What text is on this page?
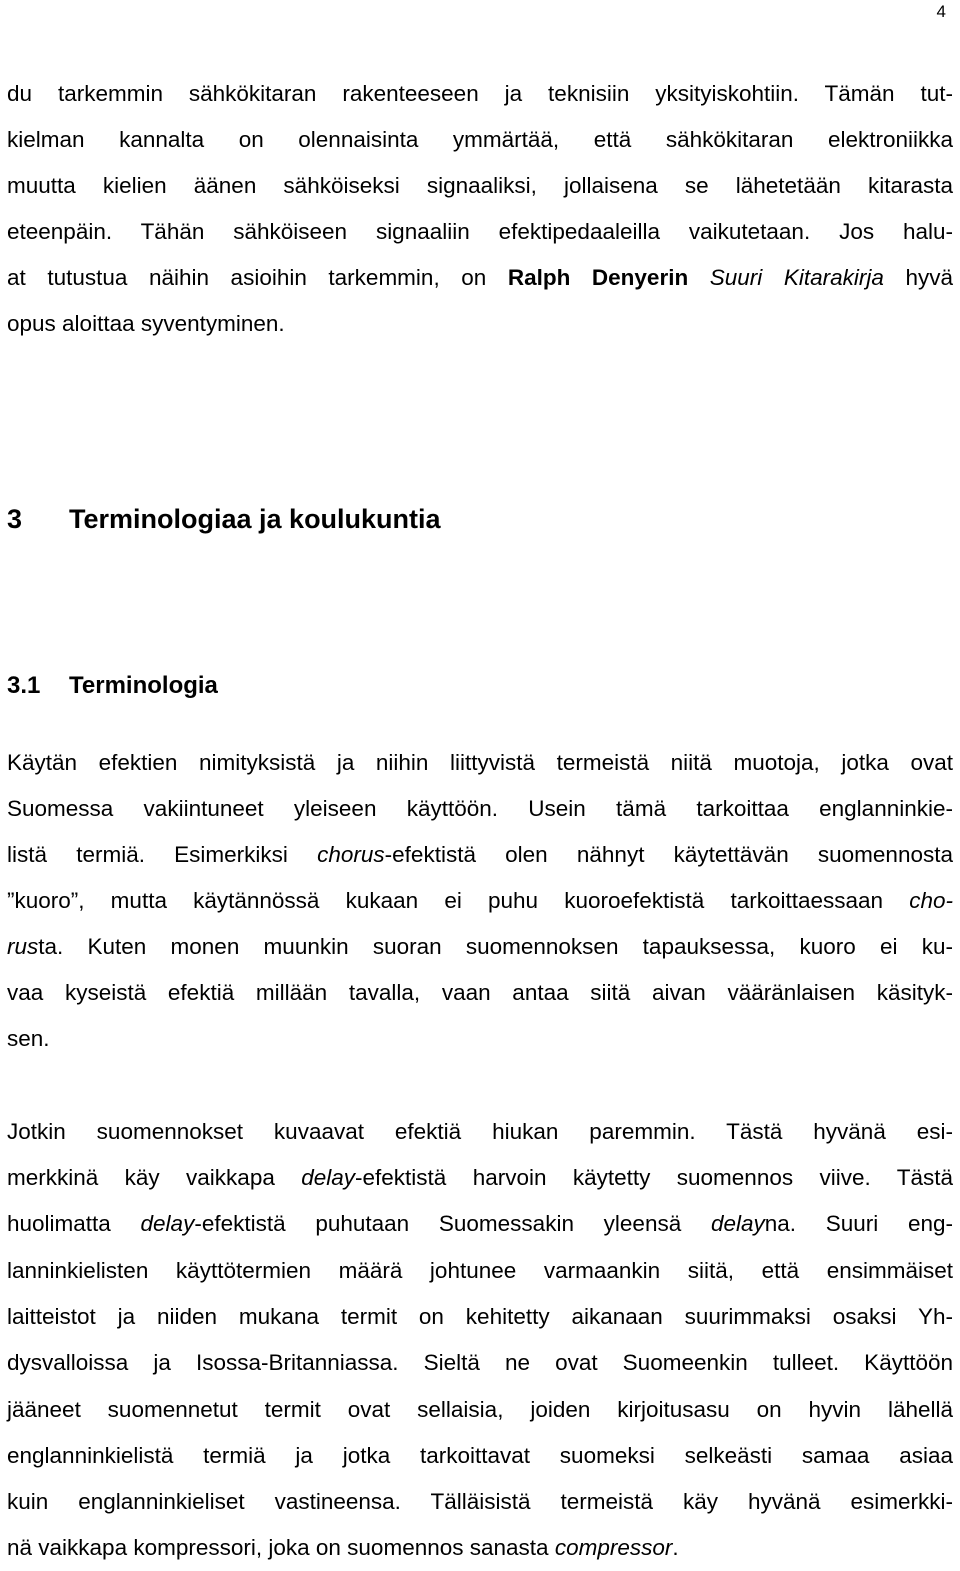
4
du tarkemmin sähkökitaran rakenteeseen ja teknisiin yksityiskohtiin. Tämän tut-
kielman kannalta on olennaisinta ymmärtää, että sähkökitaran elektroniikka
muutta kielien äänen sähköiseksi signaaliksi, jollaisena se lähetetään kitarasta
eteenpäin. Tähän sähköiseen signaaliin efektipedaaleilla vaikutetaan. Jos halu-
at tutustua näihin asioihin tarkemmin, on Ralph Denyerin Suuri Kitarakirja hyvä
opus aloittaa syventyminen.
3 Terminologiaa ja koulukuntia
3.1 Terminologia
Käytän efektien nimityksistä ja niihin liittyvistä termeistä niitä muotoja, jotka ovat
Suomessa vakiintuneet yleiseen käyttöön. Usein tämä tarkoittaa englanninkie-
listä termiä. Esimerkiksi chorus-efektistä olen nähnyt käytettävän suomennosta
”kuoro”, mutta käytännössä kukaan ei puhu kuoroefektistä tarkoittaessaan cho-
rusta. Kuten monen muunkin suoran suomennoksen tapauksessa, kuoro ei ku-
vaa kyseistä efektiä millään tavalla, vaan antaa siitä aivan vääränlaisen käsityk-
sen.
Jotkin suomennokset kuvaavat efektiä hiukan paremmin. Tästä hyvänä esi-
merkkinä käy vaikkapa delay-efektistä harvoin käytetty suomennos viive. Tästä
huolimatta delay-efektistä puhutaan Suomessakin yleensä delayna. Suuri eng-
lanninkielisten käyttötermien määrä johtunee varmaankin siitä, että ensimmäiset
laitteistot ja niiden mukana termit on kehitetty aikanaan suurimmaksi osaksi Yh-
dysvalloissa ja Isossa-Britanniassa. Sieltä ne ovat Suomeenkin tulleet. Käyttöön
jääneet suomennetut termit ovat sellaisia, joiden kirjoitusasu on hyvin lähellä
englanninkielistä termiä ja jotka tarkoittavat suomeksi selkeästi samaa asiaa
kuin englanninkieliset vastineensa. Tälläisistä termeistä käy hyvänä esimerkki-
nä vaikkapa kompressori, joka on suomennos sanasta compressor.
